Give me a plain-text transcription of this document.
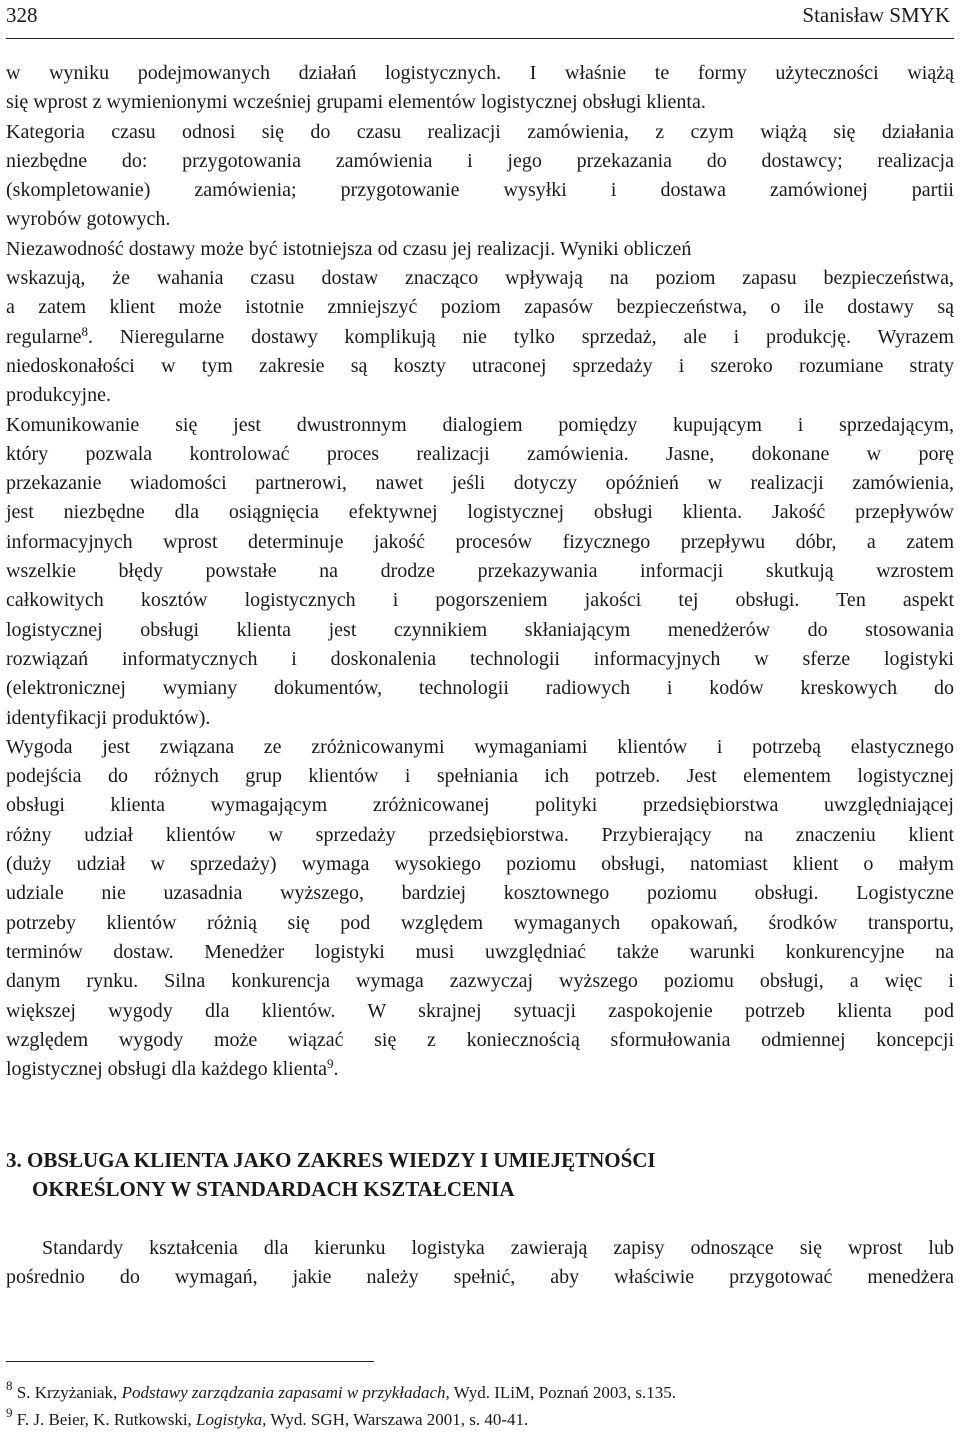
328	Stanisław SMYK
w wyniku podejmowanych działań logistycznych. I właśnie te formy użyteczności wiążą
się wprost z wymienionymi wcześniej grupami elementów logistycznej obsługi klienta.
Kategoria czasu odnosi się do czasu realizacji zamówienia, z czym wiążą się działania
niezbędne do: przygotowania zamówienia i jego przekazania do dostawcy; realizacja
(skompletowanie) zamówienia; przygotowanie wysyłki i dostawa zamówionej partii
wyrobów gotowych.
Niezawodność dostawy może być istotniejsza od czasu jej realizacji. Wyniki obliczeń
wskazują, że wahania czasu dostaw znacząco wpływają na poziom zapasu bezpieczeństwa,
a zatem klient może istotnie zmniejszyć poziom zapasów bezpieczeństwa, o ile dostawy są
regularne$^8$. Nieregularne dostawy komplikują nie tylko sprzedaż, ale i produkcję. Wyrazem
niedoskonałości w tym zakresie są koszty utraconej sprzedaży i szeroko rozumiane straty
produkcyjne.
Komunikowanie się jest dwustronnym dialogiem pomiędzy kupującym i sprzedającym,
który pozwala kontrolować proces realizacji zamówienia. Jasne, dokonane w porę
przekazanie wiadomości partnerowi, nawet jeśli dotyczy opóźnień w realizacji zamówienia,
jest niezbędne dla osiągnięcia efektywnej logistycznej obsługi klienta. Jakość przepływów
informacyjnych wprost determinuje jakość procesów fizycznego przepływu dóbr, a zatem
wszelkie błędy powstałe na drodze przekazywania informacji skutkują wzrostem
całkowitych kosztów logistycznych i pogorszeniem jakości tej obsługi. Ten aspekt
logistycznej obsługi klienta jest czynnikiem skłaniającym menedżerów do stosowania
rozwiązań informatycznych i doskonalenia technologii informacyjnych w sferze logistyki
(elektronicznej wymiany dokumentów, technologii radiowych i kodów kreskowych do
identyfikacji produktów).
Wygoda jest związana ze zróżnicowanymi wymaganiami klientów i potrzebą elastycznego
podejścia do różnych grup klientów i spełniania ich potrzeb. Jest elementem logistycznej
obsługi klienta wymagającym zróżnicowanej polityki przedsiębiorstwa uwzględniającej
różny udział klientów w sprzedaży przedsiębiorstwa. Przybierający na znaczeniu klient
(duży udział w sprzedaży) wymaga wysokiego poziomu obsługi, natomiast klient o małym
udziale nie uzasadnia wyższego, bardziej kosztownego poziomu obsługi. Logistyczne
potrzeby klientów różnią się pod względem wymaganych opakowań, środków transportu,
terminów dostaw. Menedżer logistyki musi uwzględniać także warunki konkurencyjne na
danym rynku. Silna konkurencja wymaga zazwyczaj wyższego poziomu obsługi, a więc i
większej wygody dla klientów. W skrajnej sytuacji zaspokojenie potrzeb klienta pod
względem wygody może wiązać się z koniecznością sformułowania odmiennej koncepcji
logistycznej obsługi dla każdego klienta$^9$.
3. OBSŁUGA KLIENTA JAKO ZAKRES WIEDZY I UMIEJĘTNOŚCI
OKREŚLONY W STANDARDACH KSZTAŁCENIA
Standardy kształcenia dla kierunku logistyka zawierają zapisy odnoszące się wprost lub
pośrednio do wymagań, jakie należy spełnić, aby właściwie przygotować menedżera
$^8$ S. Krzyżaniak, Podstawy zarządzania zapasami w przykładach, Wyd. ILiM, Poznań 2003, s.135.
$^9$ F. J. Beier, K. Rutkowski, Logistyka, Wyd. SGH, Warszawa 2001, s. 40-41.
